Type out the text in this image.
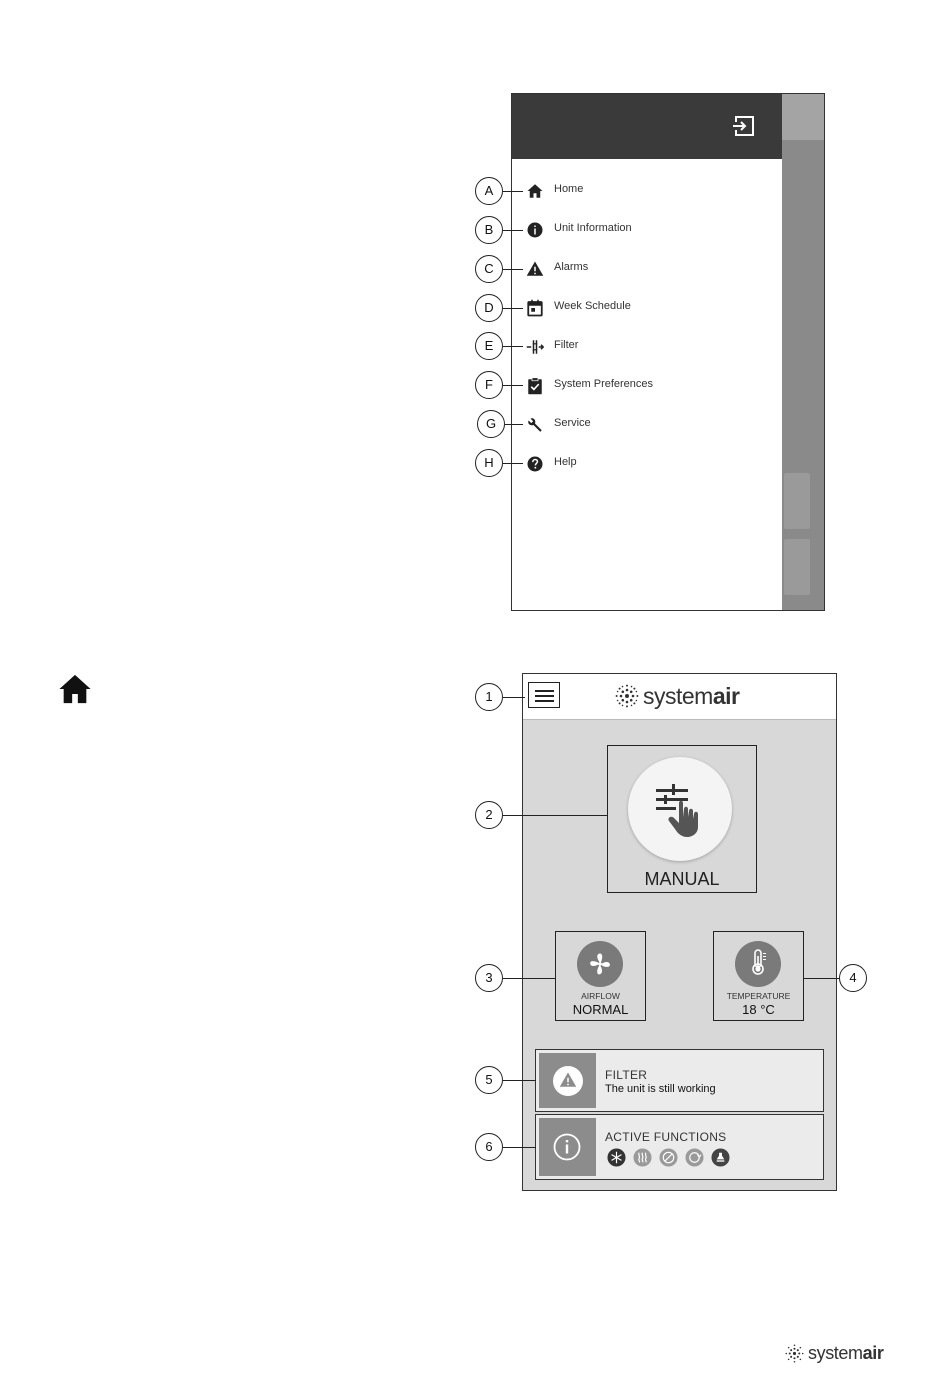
Home
Unit Information
Alarms
Week Schedule
Filter
System Preferences
Service
Help
A
B
C
D
E
F
G
H
systemair
MANUAL
AIRFLOW
NORMAL
TEMPERATURE
18 °C
FILTER
The unit is still working
ACTIVE FUNCTIONS
1
2
3	4
5
6
systemair
